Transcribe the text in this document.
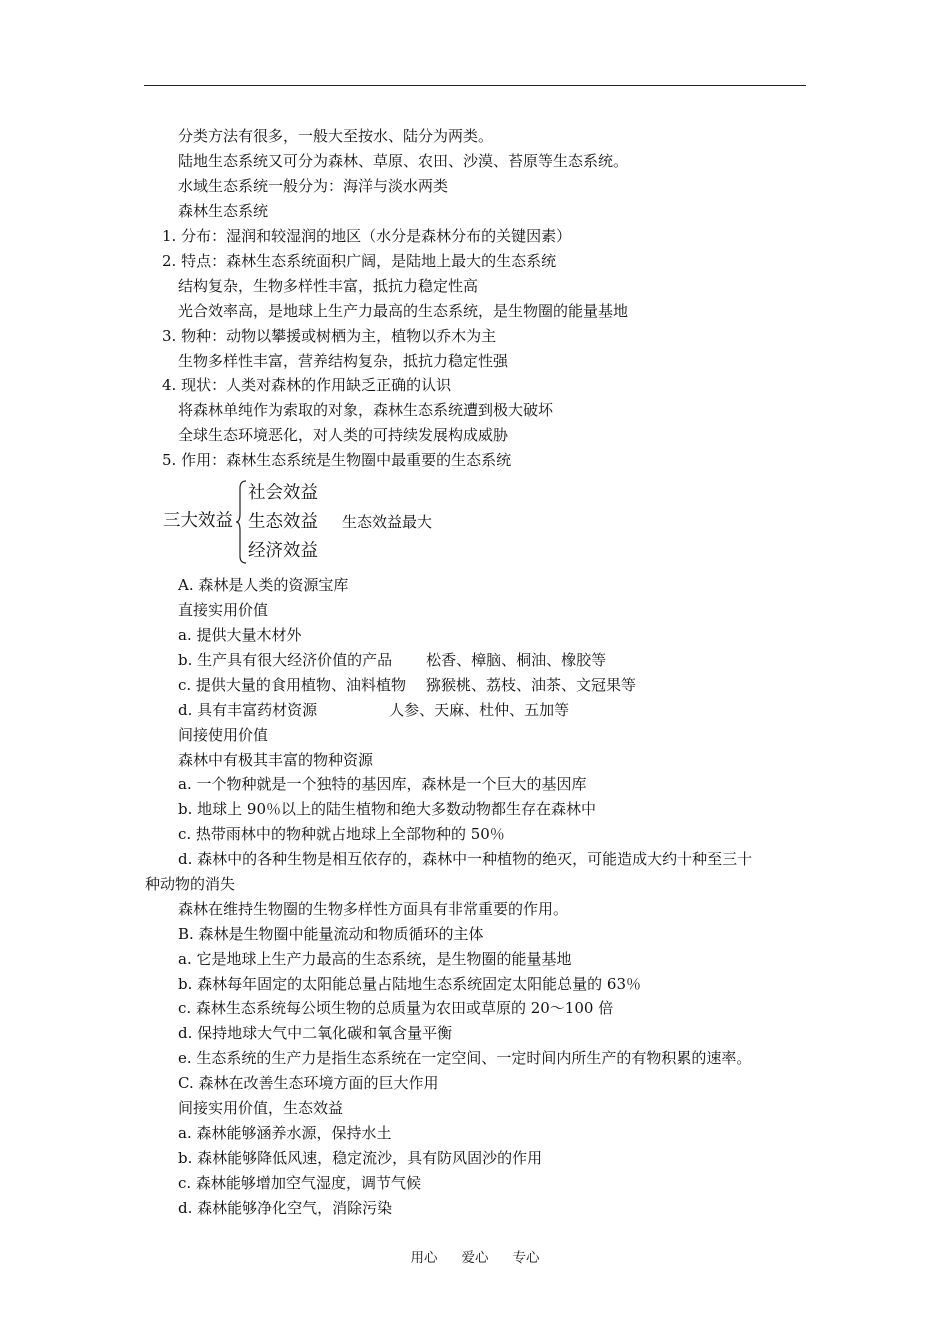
分类方法有很多，一般大至按水、陆分为两类。
陆地生态系统又可分为森林、草原、农田、沙漠、苔原等生态系统。
水域生态系统一般分为：海洋与淡水两类
森林生态系统
1. 分布：湿润和较湿润的地区（水分是森林分布的关键因素）
2. 特点：森林生态系统面积广阔，是陆地上最大的生态系统
结构复杂，生物多样性丰富，抵抗力稳定性高
光合效率高，是地球上生产力最高的生态系统，是生物圈的能量基地
3. 物种：动物以攀援或树栖为主，植物以乔木为主
生物多样性丰富，营养结构复杂，抵抗力稳定性强
4. 现状：人类对森林的作用缺乏正确的认识
将森林单纯作为索取的对象，森林生态系统遭到极大破坏
全球生态环境恶化，对人类的可持续发展构成威胁
5. 作用：森林生态系统是生物圈中最重要的生态系统
三大效益
社会效益
生态效益
经济效益
生态效益最大
A. 森林是人类的资源宝库
直接实用价值
a. 提供大量木材外
b. 生产具有很大经济价值的产品 松香、樟脑、桐油、橡胶等
c. 提供大量的食用植物、油料植物 猕猴桃、荔枝、油茶、文冠果等
d. 具有丰富药材资源	人参、天麻、杜仲、五加等
间接使用价值
森林中有极其丰富的物种资源
a. 一个物种就是一个独特的基因库，森林是一个巨大的基因库
b. 地球上 90％以上的陆生植物和绝大多数动物都生存在森林中
c. 热带雨林中的物种就占地球上全部物种的 50％
d. 森林中的各种生物是相互依存的，森林中一种植物的绝灭，可能造成大约十种至三十
种动物的消失
森林在维持生物圈的生物多样性方面具有非常重要的作用。
B. 森林是生物圈中能量流动和物质循环的主体
a. 它是地球上生产力最高的生态系统，是生物圈的能量基地
b. 森林每年固定的太阳能总量占陆地生态系统固定太阳能总量的 63％
c. 森林生态系统每公顷生物的总质量为农田或草原的 20～100 倍
d. 保持地球大气中二氧化碳和氧含量平衡
e. 生态系统的生产力是指生态系统在一定空间、一定时间内所生产的有物积累的速率。
C. 森林在改善生态环境方面的巨大作用
间接实用价值，生态效益
a. 森林能够涵养水源，保持水土
b. 森林能够降低风速，稳定流沙，具有防风固沙的作用
c. 森林能够增加空气湿度，调节气候
d. 森林能够净化空气，消除污染
用心 爱心 专心
